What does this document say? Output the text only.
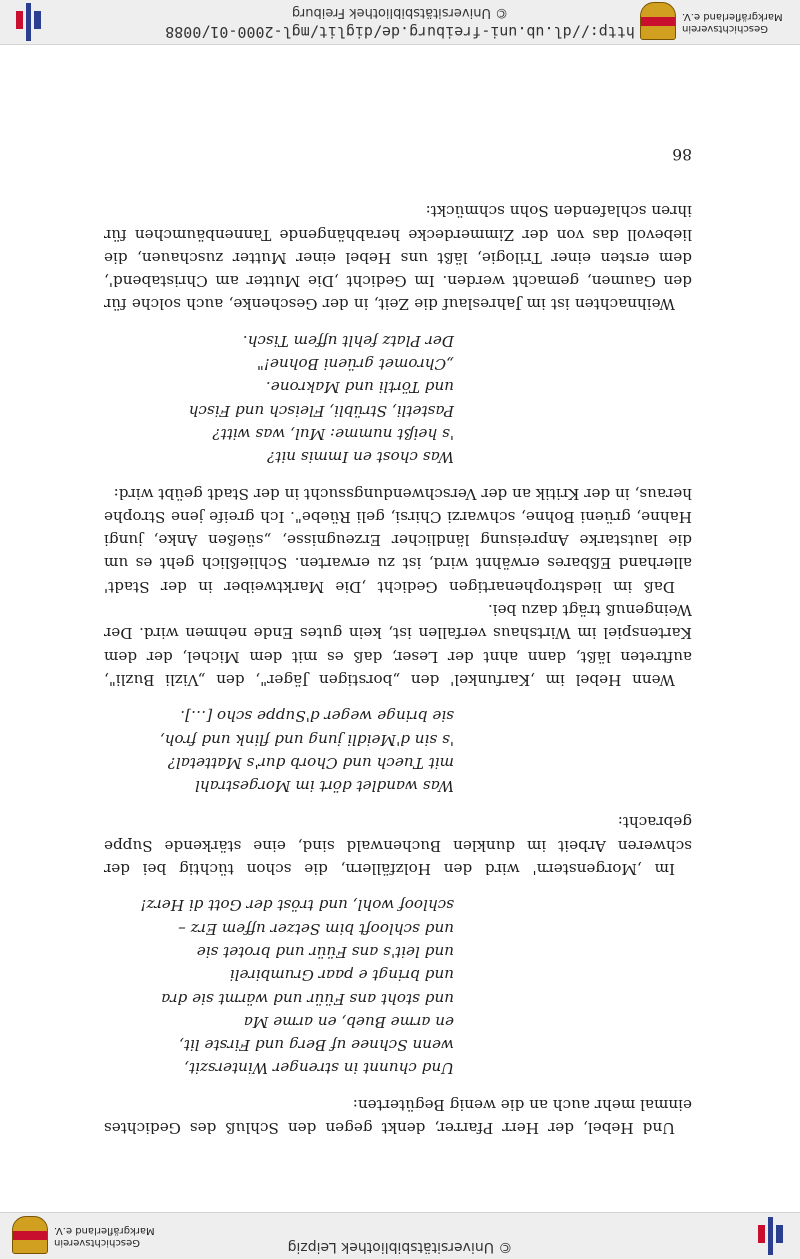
© Universitätsbibliothek Leipzig
Geschichtsverein
Markgräflerland e.V.

Und Hebel, der Herr Pfarrer, denkt gegen den Schluß des Gedichtes einmal mehr auch an die wenig Begüterten:

Und chunnt in strenger Winterszit,
wenn Schnee uf Berg und Firste lit,
en arme Bueb, en arme Ma
und stoht ans Füür und wärmt sie dra
und bringt e paar Grumbireli
und leit's ans Füür und brotet sie
und schlooft bim Setzer uffem Erz –
schloof wohl, und tröst der Gott di Herz!

Im ‚Morgenstern' wird den Holzfällern, die schon tüchtig bei der schweren Arbeit im dunklen Buchenwald sind, eine stärkende Suppe gebracht:

Was wandlet dört im Morgestrahl
mit Tuech und Chorb dur's Mattetal?
's sin d'Meidli jung und flink und froh,
sie bringe weger d'Suppe scho […].

Wenn Hebel im ‚Karfunkel' den „borstigen Jäger", den „Vizli Buzli", auftreten läßt, dann ahnt der Leser, daß es mit dem Michel, der dem Kartenspiel im Wirtshaus verfallen ist, kein gutes Ende nehmen wird. Der Weingenuß trägt dazu bei.

Daß im liedstrophenartigen Gedicht ‚Die Marktweiber in der Stadt' allerhand Eßbares erwähnt wird, ist zu erwarten. Schließlich geht es um die lautstarke Anpreisung ländlicher Erzeugnisse, „süeßen Anke, jungi Hahne, grüeni Bohne, schwarzi Chirsi, geli Rüebe". Ich greife jene Strophe heraus, in der Kritik an der Verschwendungssucht in der Stadt geübt wird:

Was chost en Immis nit?
's heißt numme: Mul, was witt?
Pastetli, Strübli, Fleisch und Fisch
und Törtli und Makrone.
„Chromet grüeni Bohne!"
Der Platz fehlt uffem Tisch.

Weihnachten ist im Jahreslauf die Zeit, in der Geschenke, auch solche für den Gaumen, gemacht werden. Im Gedicht ‚Die Mutter am Christabend', dem ersten einer Trilogie, läßt uns Hebel einer Mutter zuschauen, die liebevoll das von der Zimmerdecke herabhängende Tannenbäumchen für ihren schlafenden Sohn schmückt:

86
http://dl.ub.uni-freiburg.de/diglit/mgl-2000-01/0088
© Universitätsbibliothek Freiburg
Geschichtsverein
Markgräflerland e.V.
